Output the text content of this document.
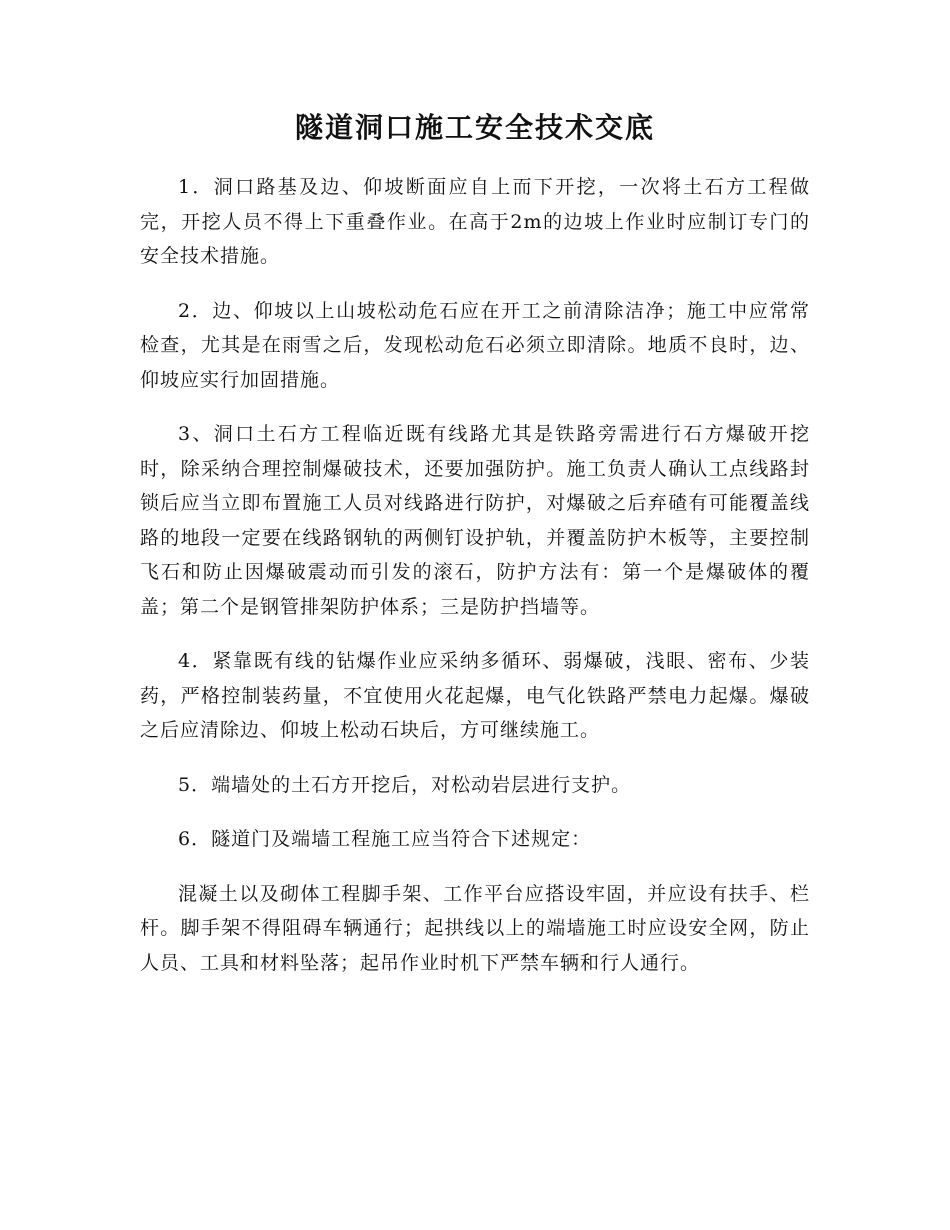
隧道洞口施工安全技术交底

1．洞口路基及边、仰坡断面应自上而下开挖，一次将土石方工程做完，开挖人员不得上下重叠作业。在高于2m的边坡上作业时应制订专门的安全技术措施。

2．边、仰坡以上山坡松动危石应在开工之前清除洁净；施工中应常常检查，尤其是在雨雪之后，发现松动危石必须立即清除。地质不良时，边、仰坡应实行加固措施。

3、洞口土石方工程临近既有线路尤其是铁路旁需进行石方爆破开挖时，除采纳合理控制爆破技术，还要加强防护。施工负责人确认工点线路封锁后应当立即布置施工人员对线路进行防护，对爆破之后弃碴有可能覆盖线路的地段一定要在线路钢轨的两侧钉设护轨，并覆盖防护木板等，主要控制飞石和防止因爆破震动而引发的滚石，防护方法有：第一个是爆破体的覆盖；第二个是钢管排架防护体系；三是防护挡墙等。

4．紧靠既有线的钻爆作业应采纳多循环、弱爆破，浅眼、密布、少装药，严格控制装药量，不宜使用火花起爆，电气化铁路严禁电力起爆。爆破之后应清除边、仰坡上松动石块后，方可继续施工。

5．端墙处的土石方开挖后，对松动岩层进行支护。

6．隧道门及端墙工程施工应当符合下述规定：

混凝土以及砌体工程脚手架、工作平台应搭设牢固，并应设有扶手、栏杆。脚手架不得阻碍车辆通行；起拱线以上的端墙施工时应设安全网，防止人员、工具和材料坠落；起吊作业时机下严禁车辆和行人通行。
